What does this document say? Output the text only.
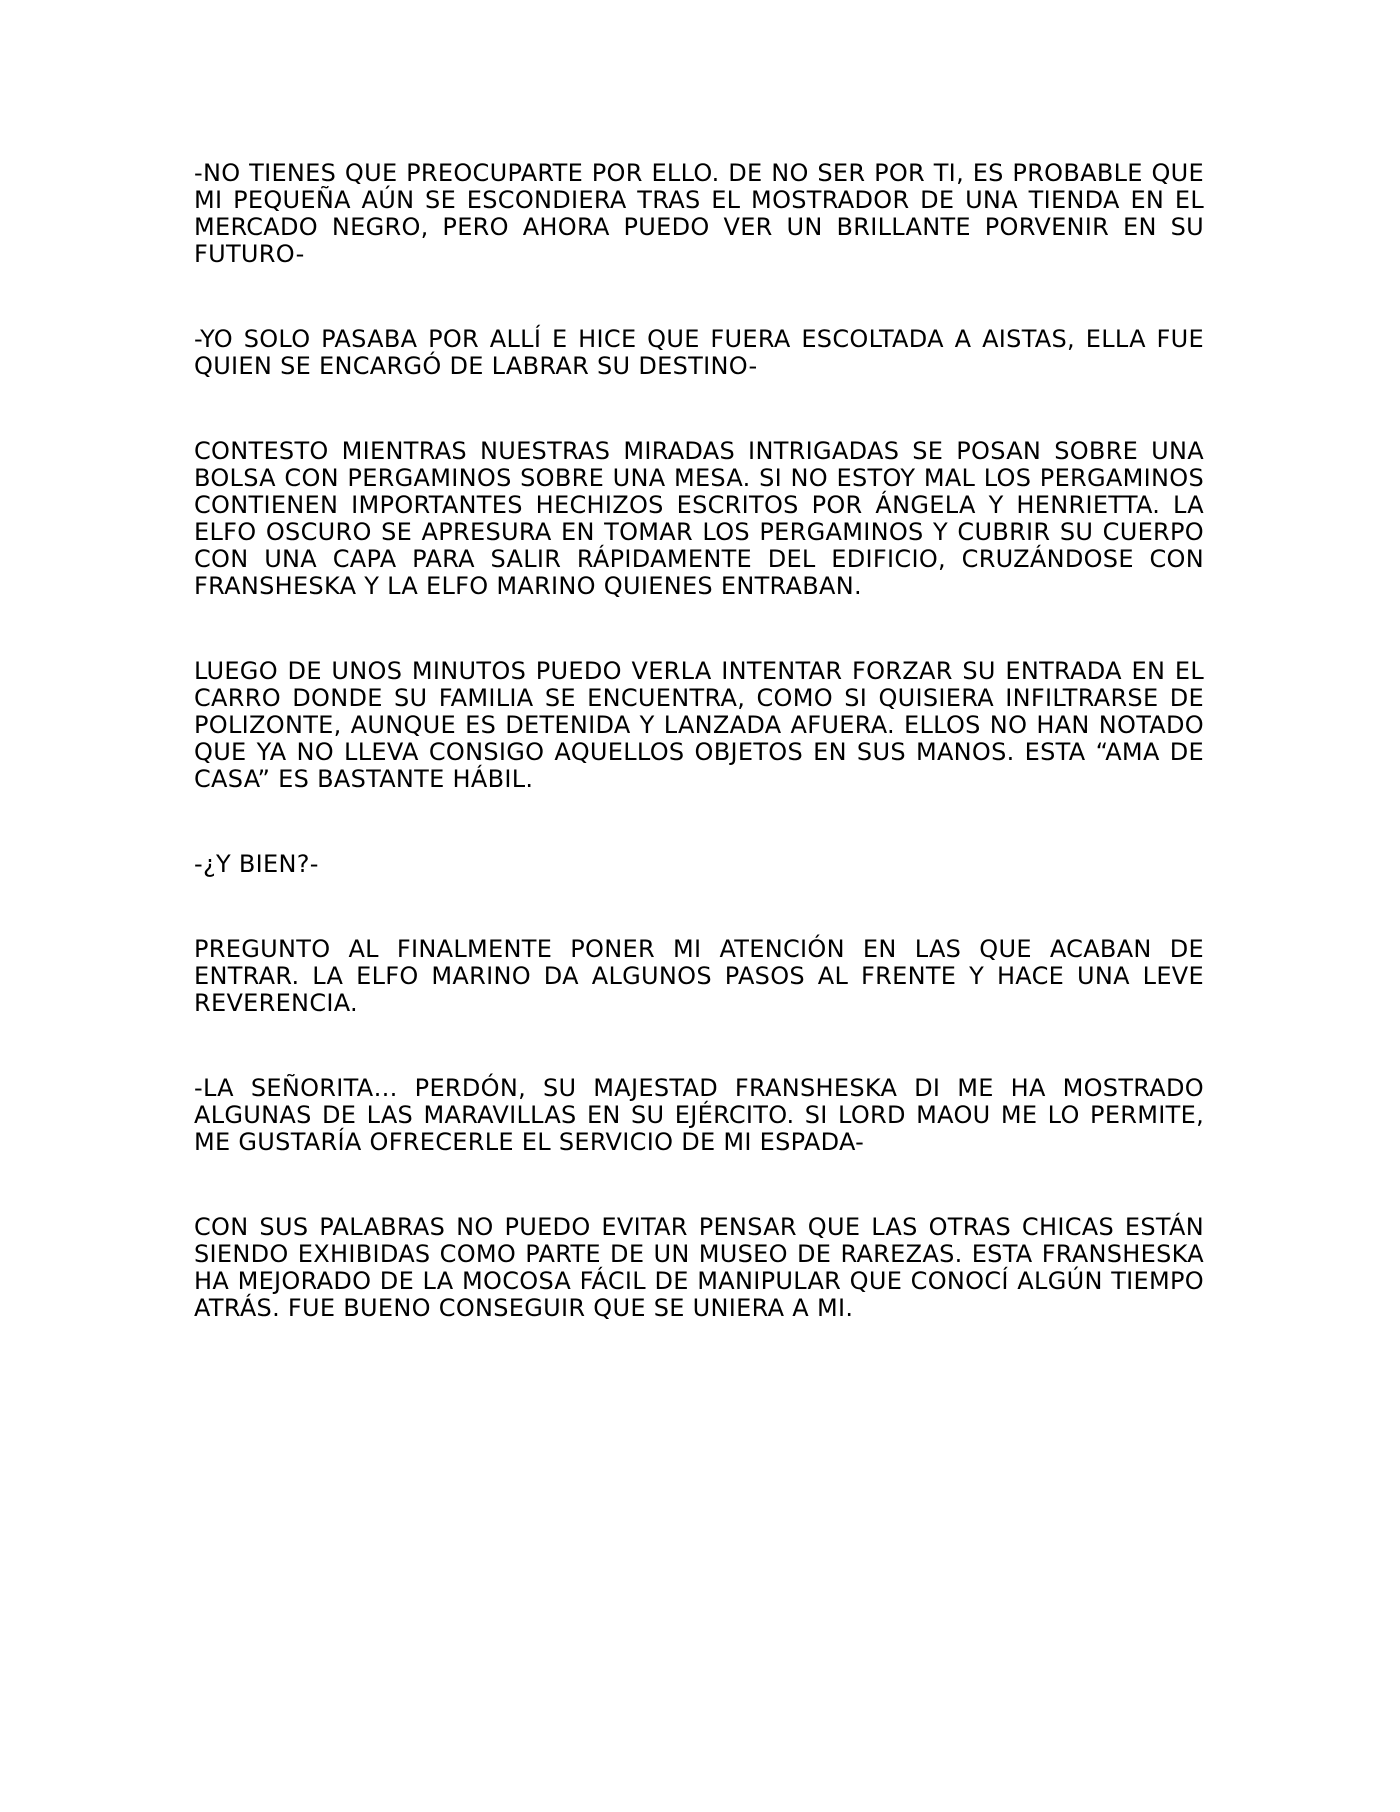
-NO TIENES QUE PREOCUPARTE POR ELLO. DE NO SER POR TI, ES PROBABLE QUE MI PEQUEÑA AÚN SE ESCONDIERA TRAS EL MOSTRADOR DE UNA TIENDA EN EL MERCADO NEGRO, PERO AHORA PUEDO VER UN BRILLANTE PORVENIR EN SU FUTURO-

-YO SOLO PASABA POR ALLÍ E HICE QUE FUERA ESCOLTADA A AISTAS, ELLA FUE QUIEN SE ENCARGÓ DE LABRAR SU DESTINO-

CONTESTO MIENTRAS NUESTRAS MIRADAS INTRIGADAS SE POSAN SOBRE UNA BOLSA CON PERGAMINOS SOBRE UNA MESA. SI NO ESTOY MAL LOS PERGAMINOS CONTIENEN IMPORTANTES HECHIZOS ESCRITOS POR ÁNGELA Y HENRIETTA. LA ELFO OSCURO SE APRESURA EN TOMAR LOS PERGAMINOS Y CUBRIR SU CUERPO CON UNA CAPA PARA SALIR RÁPIDAMENTE DEL EDIFICIO, CRUZÁNDOSE CON FRANSHESKA Y LA ELFO MARINO QUIENES ENTRABAN.

LUEGO DE UNOS MINUTOS PUEDO VERLA INTENTAR FORZAR SU ENTRADA EN EL CARRO DONDE SU FAMILIA SE ENCUENTRA, COMO SI QUISIERA INFILTRARSE DE POLIZONTE, AUNQUE ES DETENIDA Y LANZADA AFUERA. ELLOS NO HAN NOTADO QUE YA NO LLEVA CONSIGO AQUELLOS OBJETOS EN SUS MANOS. ESTA “AMA DE CASA” ES BASTANTE HÁBIL.

-¿Y BIEN?-

PREGUNTO AL FINALMENTE PONER MI ATENCIÓN EN LAS QUE ACABAN DE ENTRAR. LA ELFO MARINO DA ALGUNOS PASOS AL FRENTE Y HACE UNA LEVE REVERENCIA.

-LA SEÑORITA… PERDÓN, SU MAJESTAD FRANSHESKA DI ME HA MOSTRADO ALGUNAS DE LAS MARAVILLAS EN SU EJÉRCITO. SI LORD MAOU ME LO PERMITE, ME GUSTARÍA OFRECERLE EL SERVICIO DE MI ESPADA-

CON SUS PALABRAS NO PUEDO EVITAR PENSAR QUE LAS OTRAS CHICAS ESTÁN SIENDO EXHIBIDAS COMO PARTE DE UN MUSEO DE RAREZAS. ESTA FRANSHESKA HA MEJORADO DE LA MOCOSA FÁCIL DE MANIPULAR QUE CONOCÍ ALGÚN TIEMPO ATRÁS. FUE BUENO CONSEGUIR QUE SE UNIERA A MI.
